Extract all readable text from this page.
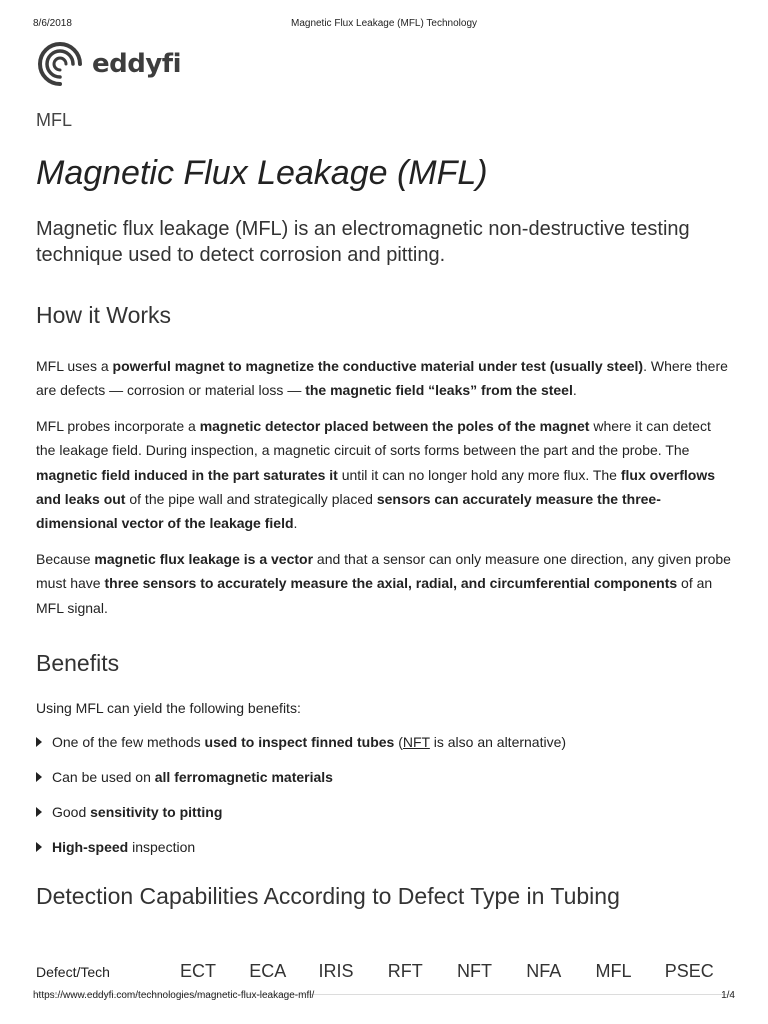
8/6/2018	Magnetic Flux Leakage (MFL) Technology
eddyfi
MFL
Magnetic Flux Leakage (MFL)

Magnetic flux leakage (MFL) is an electromagnetic non-destructive testing technique used to detect corrosion and pitting.

How it Works

MFL uses a powerful magnet to magnetize the conductive material under test (usually steel). Where there are defects — corrosion or material loss — the magnetic field “leaks” from the steel.

MFL probes incorporate a magnetic detector placed between the poles of the magnet where it can detect the leakage field. During inspection, a magnetic circuit of sorts forms between the part and the probe. The magnetic field induced in the part saturates it until it can no longer hold any more flux. The flux overflows and leaks out of the pipe wall and strategically placed sensors can accurately measure the three-dimensional vector of the leakage field.

Because magnetic flux leakage is a vector and that a sensor can only measure one direction, any given probe must have three sensors to accurately measure the axial, radial, and circumferential components of an MFL signal.

Benefits

Using MFL can yield the following benefits:

One of the few methods used to inspect finned tubes (NFT is also an alternative)
Can be used on all ferromagnetic materials
Good sensitivity to pitting
High-speed inspection
Detection Capabilities According to Defect Type in Tubing
Defect/Tech	ECT	ECA	IRIS	RFT	NFT	NFA	MFL	PSEC
https://www.eddyfi.com/technologies/magnetic-flux-leakage-mfl/	1/4
